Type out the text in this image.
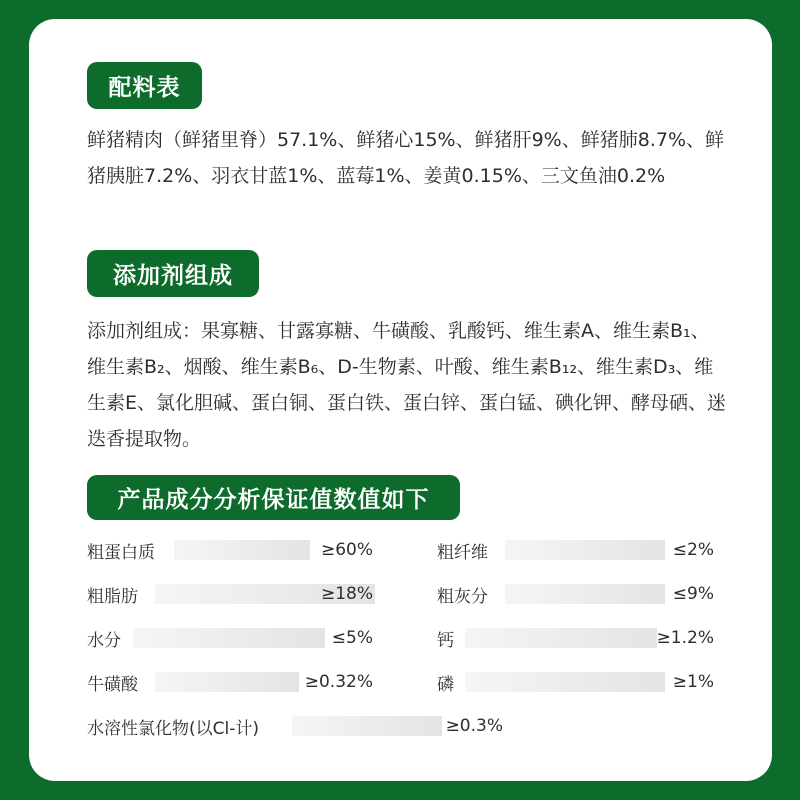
配料表

鲜猪精肉（鲜猪里脊）57.1%、鲜猪心15%、鲜猪肝9%、鲜猪肺8.7%、鲜猪胰脏7.2%、羽衣甘蓝1%、蓝莓1%、姜黄0.15%、三文鱼油0.2%

添加剂组成

添加剂组成：果寡糖、甘露寡糖、牛磺酸、乳酸钙、维生素A、维生素B₁、维生素B₂、烟酸、维生素B₆、D-生物素、叶酸、维生素B₁₂、维生素D₃、维生素E、氯化胆碱、蛋白铜、蛋白铁、蛋白锌、蛋白锰、碘化钾、酵母硒、迷迭香提取物。

产品成分分析保证值数值如下
粗蛋白质	≥60%
粗脂肪	≥18%
水分	≤5%
牛磺酸	≥0.32%
粗纤维	≤2%
粗灰分	≤9%
钙	≥1.2%
磷	≥1%
水溶性氯化物(以Cl-计)	≥0.3%
